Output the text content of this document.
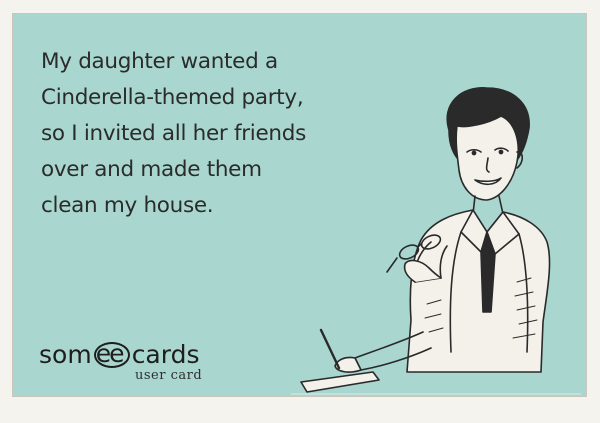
My daughter wanted a
Cinderella-themed party,
so I invited all her friends
over and made them
clean my house.
som ee cards
user card
